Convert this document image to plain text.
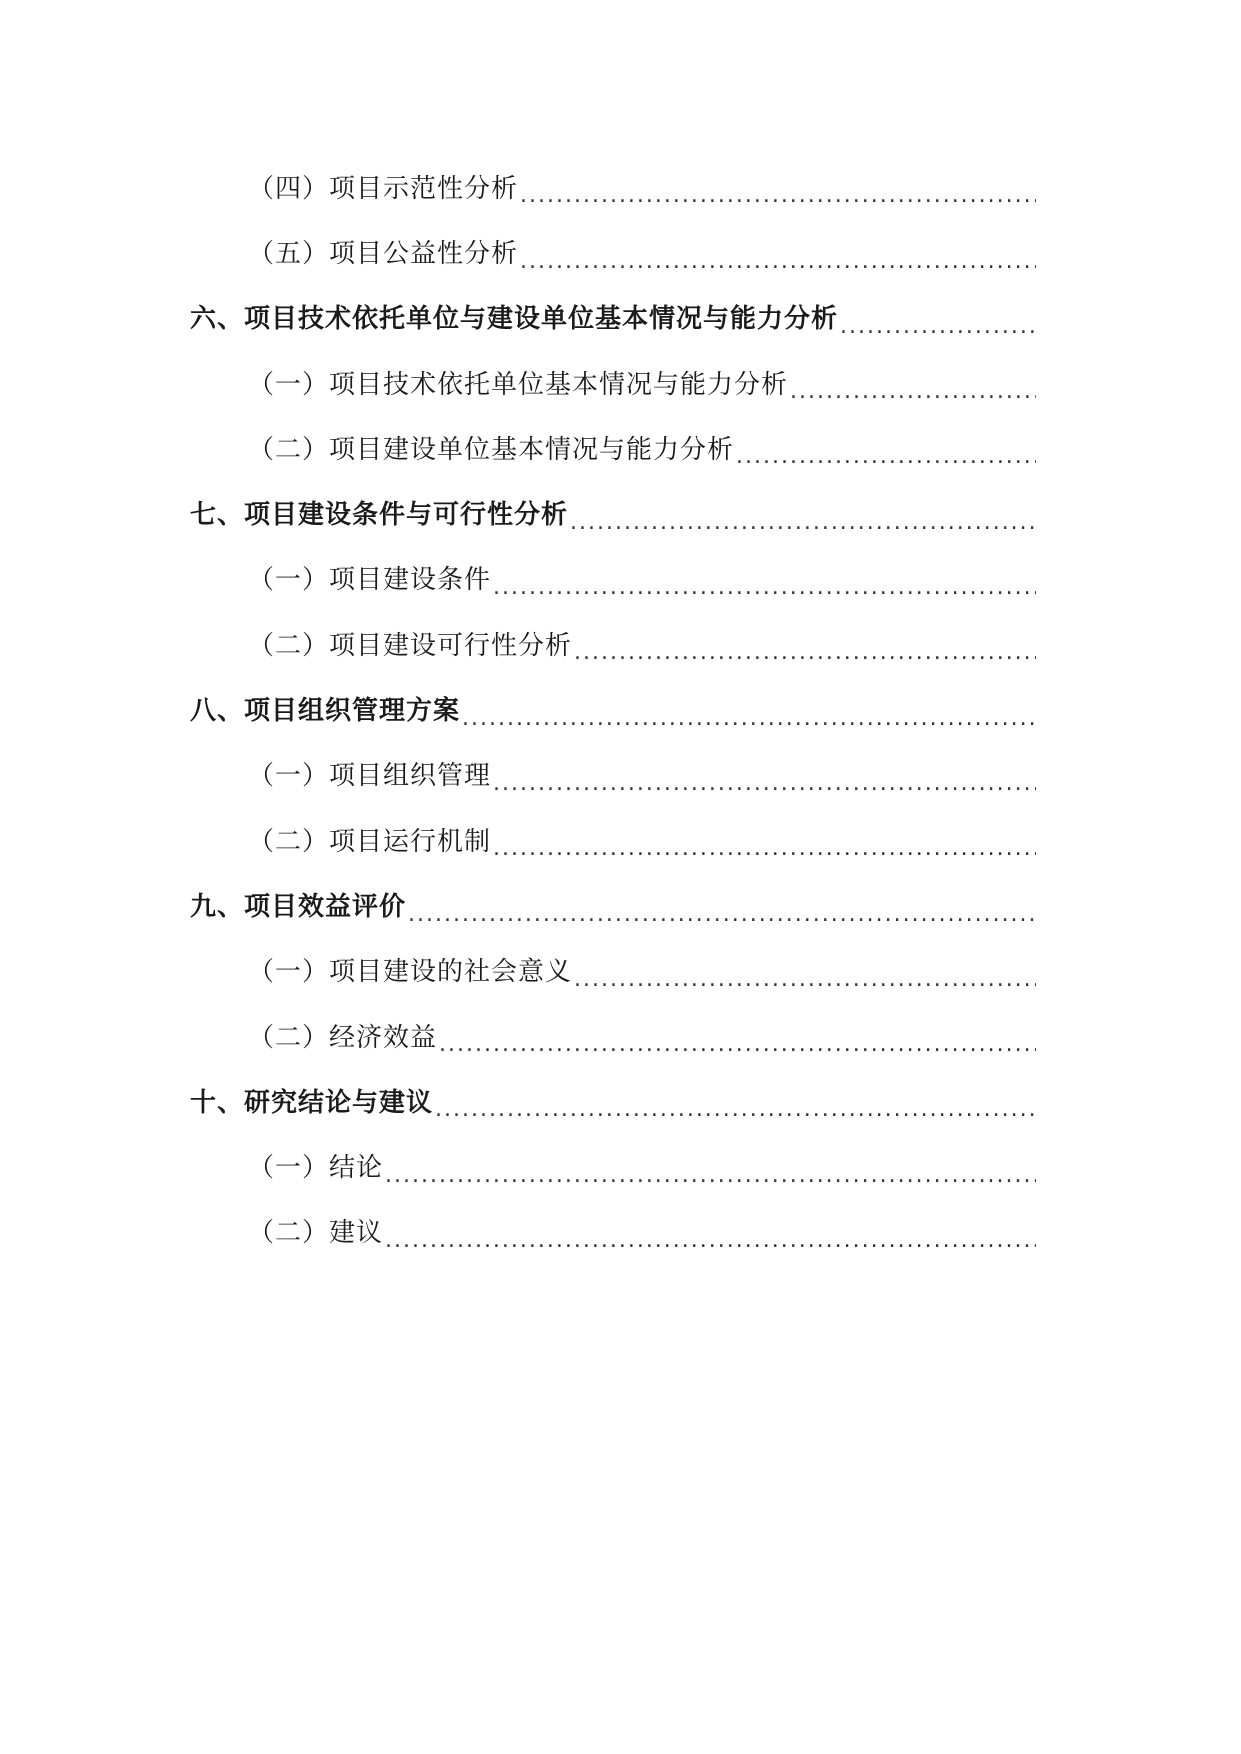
（四）项目示范性分析
.....
（五）项目公益性分析
.....
六、项目技术依托单位与建设单位基本情况与能力分析
.....
（一）项目技术依托单位基本情况与能力分析
.....
（二）项目建设单位基本情况与能力分析
.....
七、项目建设条件与可行性分析
.....
（一）项目建设条件
.....
（二）项目建设可行性分析
.....
八、项目组织管理方案
.....
（一）项目组织管理
.....
（二）项目运行机制
.....
九、项目效益评价
.....
（一）项目建设的社会意义
.....
（二）经济效益
.....
十、研究结论与建议
.....
（一）结论
.....
（二）建议
.....
